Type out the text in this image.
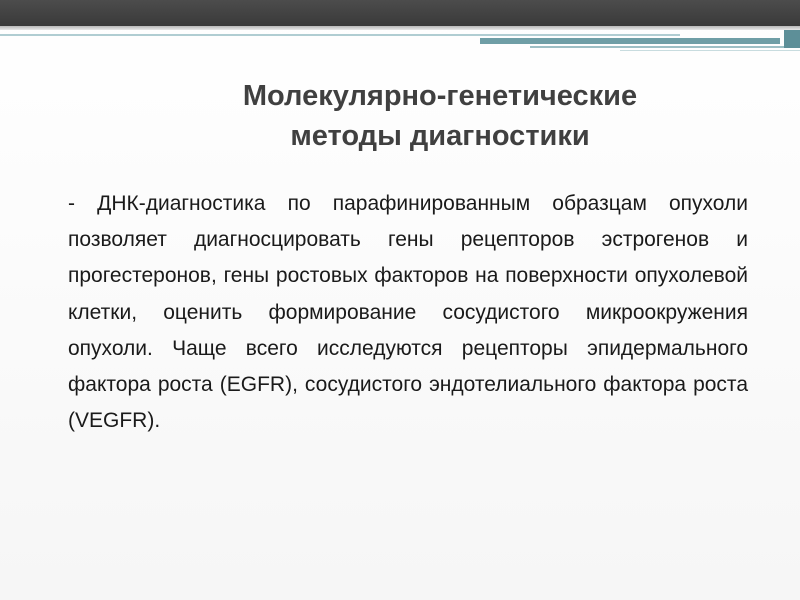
Молекулярно-генетические
методы диагностики

- ДНК-диагностика по парафинированным образцам опухоли позволяет диагносцировать гены рецепторов эстрогенов и прогестеронов, гены ростовых факторов на поверхности опухолевой клетки, оценить формирование сосудистого микроокружения опухоли. Чаще всего исследуются рецепторы эпидермального фактора роста (EGFR), сосудистого эндотелиального фактора роста (VEGFR).
